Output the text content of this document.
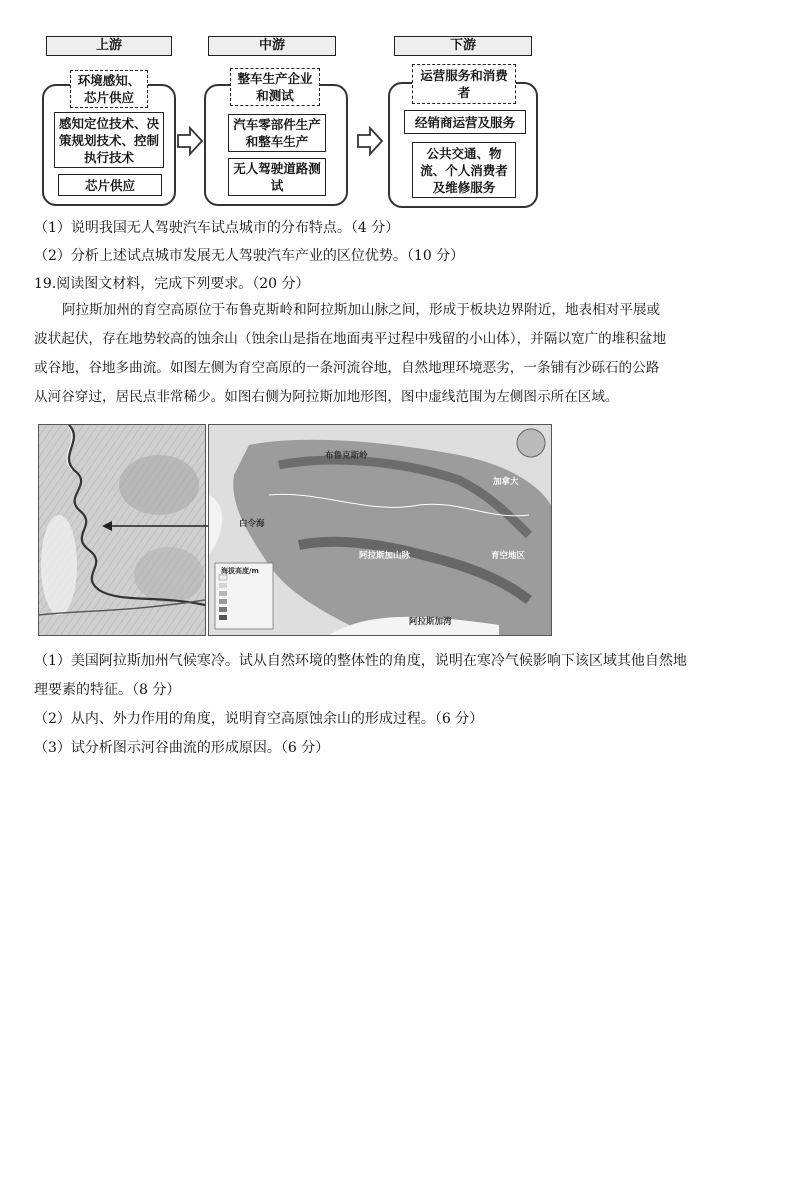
上游
环境感知、芯片供应
感知定位技术、决策规划技术、控制执行技术
芯片供应
中游
整车生产企业和测试
汽车零部件生产和整车生产
无人驾驶道路测试
下游
运营服务和消费者
经销商运营及服务
公共交通、物流、个人消费者及维修服务
（1）说明我国无人驾驶汽车试点城市的分布特点。（4 分）
（2）分析上述试点城市发展无人驾驶汽车产业的区位优势。（10 分）
19.阅读图文材料，完成下列要求。（20 分）
阿拉斯加州的育空高原位于布鲁克斯岭和阿拉斯加山脉之间，形成于板块边界附近，地表相对平展或
波状起伏，存在地势较高的蚀余山（蚀余山是指在地面夷平过程中残留的小山体），并隔以宽广的堆积盆地
或谷地，谷地多曲流。如图左侧为育空高原的一条河流谷地，自然地理环境恶劣，一条铺有沙砾石的公路
从河谷穿过，居民点非常稀少。如图右侧为阿拉斯加地形图，图中虚线范围为左侧图示所在区域。
布鲁克斯岭
白令海
阿拉斯加山脉
阿拉斯加湾
加拿大
育空地区
海拔高度/m
（1）美国阿拉斯加州气候寒冷。试从自然环境的整体性的角度，说明在寒冷气候影响下该区域其他自然地
理要素的特征。（8 分）
（2）从内、外力作用的角度，说明育空高原蚀余山的形成过程。（6 分）
（3）试分析图示河谷曲流的形成原因。（6 分）
